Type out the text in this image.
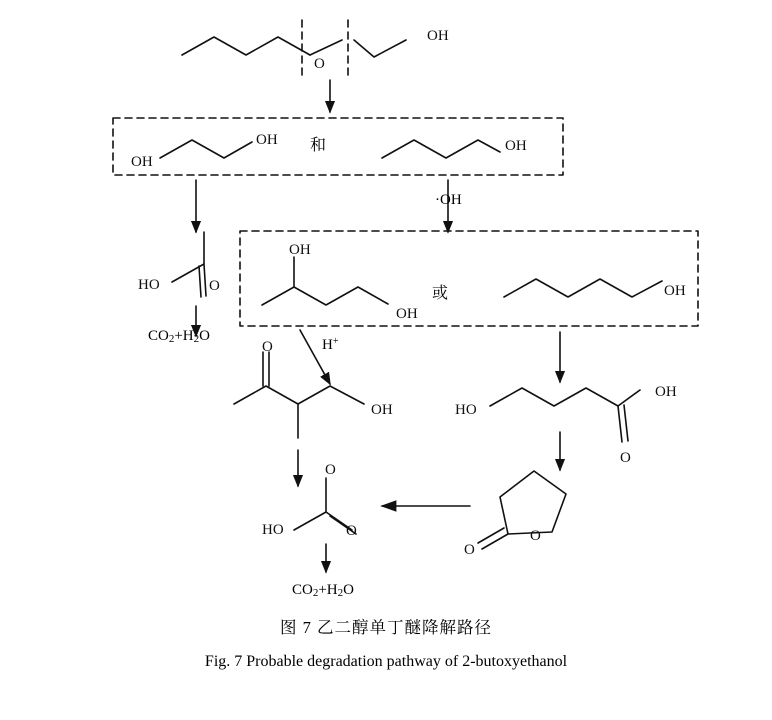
OH
O
OH
OH	OH
HO	O
OH
OH
OH
O
OH	HO
OH
O
O
HO	O	O
O
和
或
·OH
H+
CO2+H2O
CO2+H2O
图 7 乙二醇单丁醚降解路径
Fig. 7 Probable degradation pathway of 2-butoxyethanol
